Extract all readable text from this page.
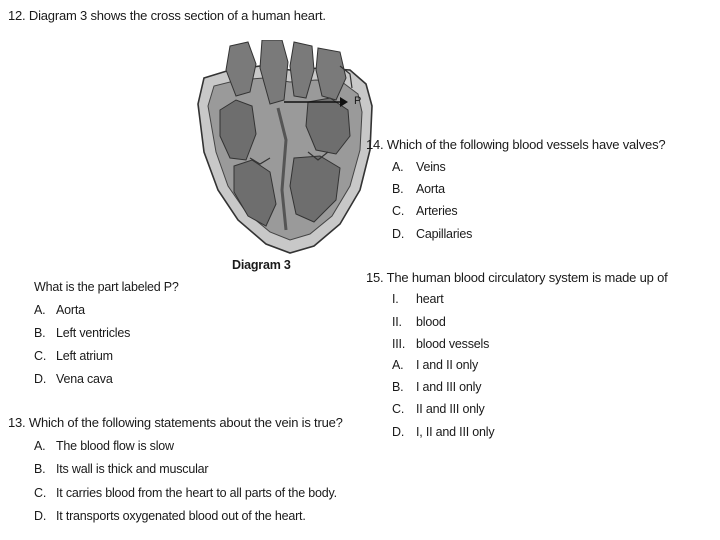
12. Diagram 3 shows the cross section of a human heart.
P
Diagram 3
What is the part labeled P?
A. Aorta
B. Left ventricles
C. Left atrium
D. Vena cava
13. Which of the following statements about the vein is true?
A. The blood flow is slow
B. Its wall is thick and muscular
C. It carries blood from the heart to all parts of the body.
D. It transports oxygenated blood out of the heart.
14. Which of the following blood vessels have valves?
A. Veins
B. Aorta
C. Arteries
D. Capillaries
15. The human blood circulatory system is made up of
I. heart
II. blood
III. blood vessels
A. I and II only
B. I and III only
C. II and III only
D. I, II and III only
